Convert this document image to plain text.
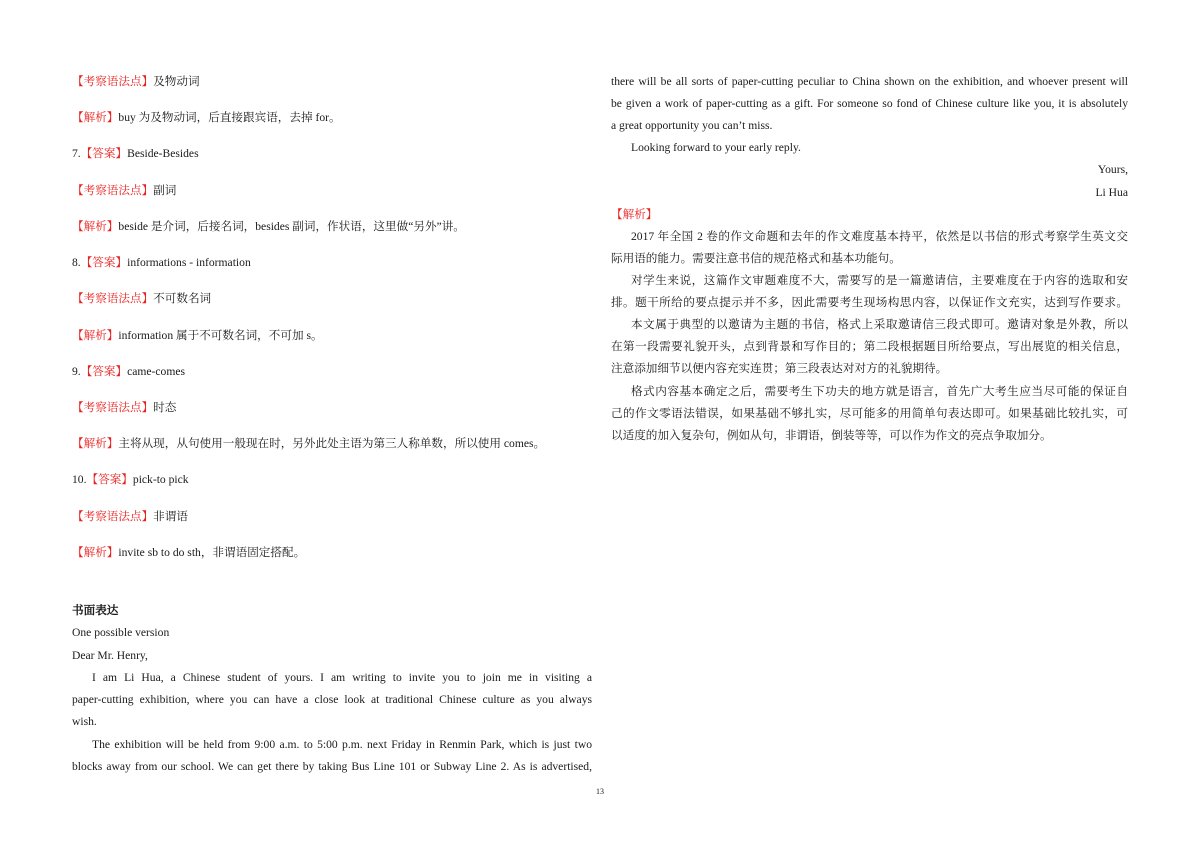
【考察语法点】及物动词
【解析】buy 为及物动词，后直接跟宾语，去掉 for。
7.【答案】Beside-Besides
【考察语法点】副词
【解析】beside 是介词，后接名词，besides 副词，作状语，这里做“另外”讲。
8.【答案】informations - information
【考察语法点】不可数名词
【解析】information 属于不可数名词，不可加 s。
9.【答案】came-comes
【考察语法点】时态
【解析】主将从现，从句使用一般现在时，另外此处主语为第三人称单数，所以使用 comes。
10.【答案】pick-to pick
【考察语法点】非谓语
【解析】invite sb to do sth，非谓语固定搭配。
书面表达
One possible version
Dear Mr. Henry,
I am Li Hua, a Chinese student of yours. I am writing to invite you to join me in visiting a
paper-cutting exhibition, where you can have a close look at traditional Chinese culture as you always
wish.
The exhibition will be held from 9:00 a.m. to 5:00 p.m. next Friday in Renmin Park, which is just two
blocks away from our school. We can get there by taking Bus Line 101 or Subway Line 2. As is advertised,
there will be all sorts of paper-cutting peculiar to China shown on the exhibition, and whoever present will
be given a work of paper-cutting as a gift. For someone so fond of Chinese culture like you, it is absolutely
a great opportunity you can’t miss.
Looking forward to your early reply.
Yours,
Li Hua
【解析】
2017 年全国 2 卷的作文命题和去年的作文难度基本持平，依然是以书信的形式考察学生英文交
际用语的能力。需要注意书信的规范格式和基本功能句。
对学生来说，这篇作文审题难度不大，需要写的是一篇邀请信，主要难度在于内容的选取和安
排。题干所给的要点提示并不多，因此需要考生现场构思内容，以保证作文充实，达到写作要求。
本文属于典型的以邀请为主题的书信，格式上采取邀请信三段式即可。邀请对象是外教，所以
在第一段需要礼貌开头，点到背景和写作目的；第二段根据题目所给要点，写出展览的相关信息，
注意添加细节以便内容充实连贯；第三段表达对对方的礼貌期待。
格式内容基本确定之后，需要考生下功夫的地方就是语言，首先广大考生应当尽可能的保证自
己的作文零语法错误，如果基础不够扎实，尽可能多的用简单句表达即可。如果基础比较扎实，可
以适度的加入复杂句，例如从句，非谓语，倒装等等，可以作为作文的亮点争取加分。
13
